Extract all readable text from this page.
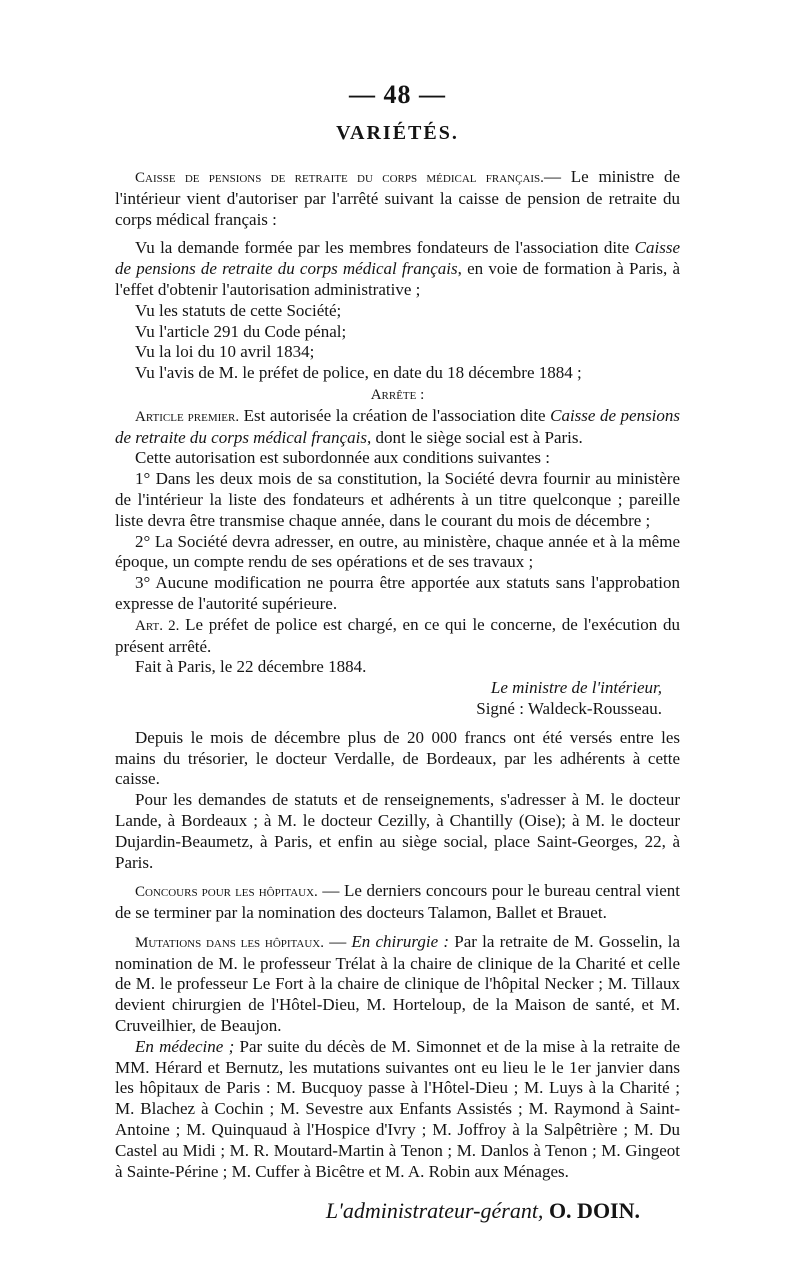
— 48 —
VARIÉTÉS.

Caisse de pensions de retraite du corps médical français.— Le ministre de l'intérieur vient d'autoriser par l'arrêté suivant la caisse de pension de retraite du corps médical français :

Vu la demande formée par les membres fondateurs de l'association dite Caisse de pensions de retraite du corps médical français, en voie de formation à Paris, à l'effet d'obtenir l'autorisation administrative ;

Vu les statuts de cette Société;

Vu l'article 291 du Code pénal;

Vu la loi du 10 avril 1834;

Vu l'avis de M. le préfet de police, en date du 18 décembre 1884 ;

Arrête :

Article premier. Est autorisée la création de l'association dite Caisse de pensions de retraite du corps médical français, dont le siège social est à Paris.

Cette autorisation est subordonnée aux conditions suivantes :

1° Dans les deux mois de sa constitution, la Société devra fournir au ministère de l'intérieur la liste des fondateurs et adhérents à un titre quelconque ; pareille liste devra être transmise chaque année, dans le courant du mois de décembre ;

2° La Société devra adresser, en outre, au ministère, chaque année et à la même époque, un compte rendu de ses opérations et de ses travaux ;

3° Aucune modification ne pourra être apportée aux statuts sans l'approbation expresse de l'autorité supérieure.

Art. 2. Le préfet de police est chargé, en ce qui le concerne, de l'exécution du présent arrêté.

Fait à Paris, le 22 décembre 1884.

Le ministre de l'intérieur,

Signé : Waldeck-Rousseau.

Depuis le mois de décembre plus de 20 000 francs ont été versés entre les mains du trésorier, le docteur Verdalle, de Bordeaux, par les adhérents à cette caisse.

Pour les demandes de statuts et de renseignements, s'adresser à M. le docteur Lande, à Bordeaux ; à M. le docteur Cezilly, à Chantilly (Oise); à M. le docteur Dujardin-Beaumetz, à Paris, et enfin au siège social, place Saint-Georges, 22, à Paris.

Concours pour les hôpitaux. — Le derniers concours pour le bureau central vient de se terminer par la nomination des docteurs Talamon, Ballet et Brauet.

Mutations dans les hôpitaux. — En chirurgie : Par la retraite de M. Gosselin, la nomination de M. le professeur Trélat à la chaire de clinique de la Charité et celle de M. le professeur Le Fort à la chaire de clinique de l'hôpital Necker ; M. Tillaux devient chirurgien de l'Hôtel-Dieu, M. Horteloup, de la Maison de santé, et M. Cruveilhier, de Beaujon.

En médecine ; Par suite du décès de M. Simonnet et de la mise à la retraite de MM. Hérard et Bernutz, les mutations suivantes ont eu lieu le le 1er janvier dans les hôpitaux de Paris : M. Bucquoy passe à l'Hôtel-Dieu ; M. Luys à la Charité ; M. Blachez à Cochin ; M. Sevestre aux Enfants Assistés ; M. Raymond à Saint-Antoine ; M. Quinquaud à l'Hospice d'Ivry ; M. Joffroy à la Salpêtrière ; M. Du Castel au Midi ; M. R. Moutard-Martin à Tenon ; M. Danlos à Tenon ; M. Gingeot à Sainte-Périne ; M. Cuffer à Bicêtre et M. A. Robin aux Ménages.

L'administrateur-gérant, O. DOIN.
